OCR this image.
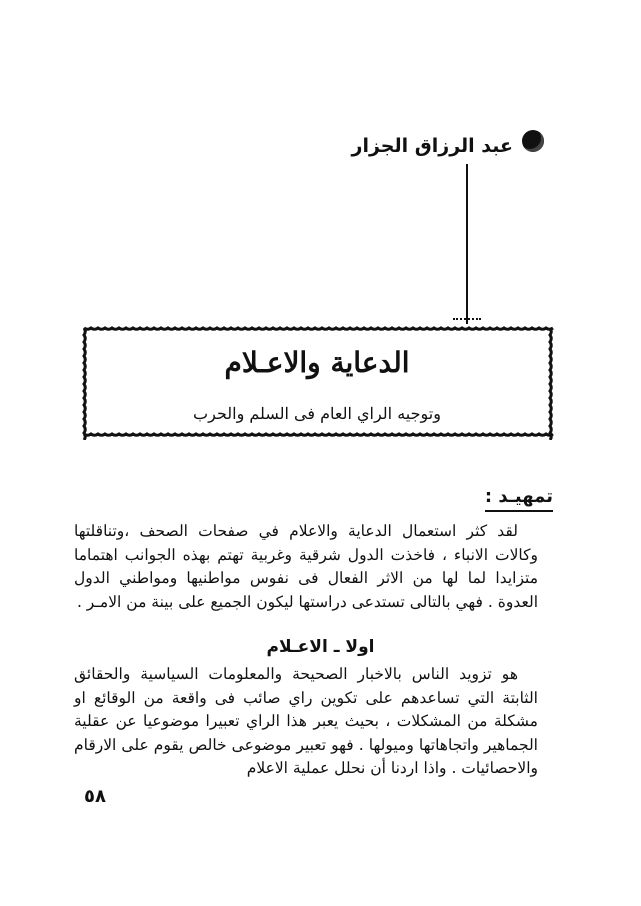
عبد الرزاق الجزار
الدعاية والاعـلام
وتوجيه الراي العام فى السلم والحرب
تمهيـد :
لقد كثر استعمال الدعاية والاعلام في صفحات الصحف ،وتناقلتها وكالات الانباء ، فاخذت الدول شرقية وغربية تهتم بهذه الجوانب اهتماما متزايدا لما لها من الاثر الفعال فى نفوس مواطنيها ومواطني الدول العدوة . فهي بالتالى تستدعى دراستها ليكون الجميع على بينة من الامـر .
اولا ـ الاعـلام
هو تزويد الناس بالاخبار الصحيحة والمعلومات السياسية والحقائق الثابتة التي تساعدهم على تكوين راي صائب فى واقعة من الوقائع او مشكلة من المشكلات ، بحيث يعبر هذا الراي تعبيرا موضوعيا عن عقلية الجماهير واتجاهاتها وميولها . فهو تعبير موضوعى خالص يقوم على الارقام والاحصائيات . واذا اردنا أن نحلل عملية الاعلام
٥٨
